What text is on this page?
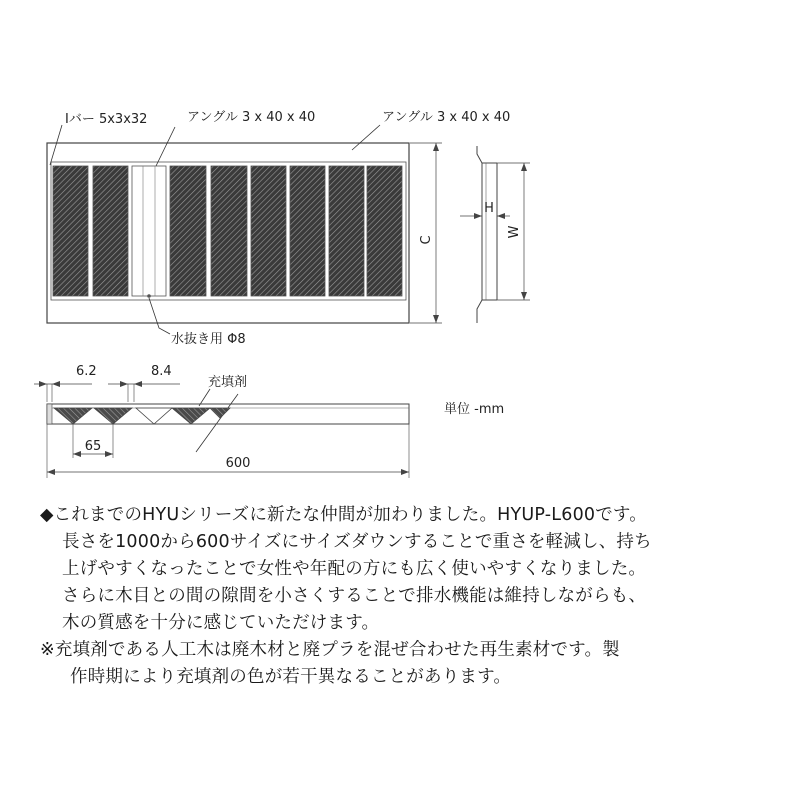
Iバー 5x3x32	アングル 3 x 40 x 40	アングル 3 x 40 x 40
水抜き用 Φ8
C
W
H
6.2	8.4
充填剤
65
600
単位 -mm
◆これまでのHYUシリーズに新たな仲間が加わりました。HYUP-L600です。
長さを1000から600サイズにサイズダウンすることで重さを軽減し、持ち
上げやすくなったことで女性や年配の方にも広く使いやすくなりました。
さらに木目との間の隙間を小さくすることで排水機能は維持しながらも、
木の質感を十分に感じていただけます。
※充填剤である人工木は廃木材と廃プラを混ぜ合わせた再生素材です。製
作時期により充填剤の色が若干異なることがあります。
